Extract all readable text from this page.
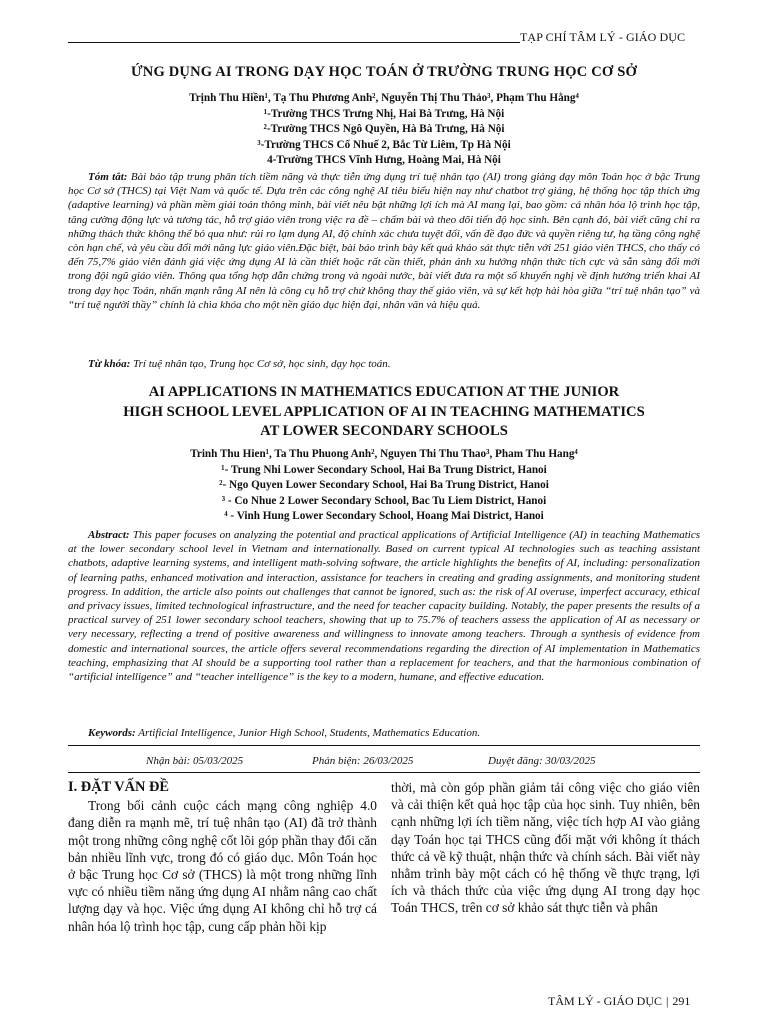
TẠP CHÍ TÂM LÝ - GIÁO DỤC
ỨNG DỤNG AI TRONG DẠY HỌC TOÁN Ở TRƯỜNG TRUNG HỌC CƠ SỞ
Trịnh Thu Hiền¹, Tạ Thu Phương Anh², Nguyễn Thị Thu Thảo³, Phạm Thu Hằng⁴
¹-Trường THCS Trưng Nhị, Hai Bà Trưng, Hà Nội
²-Trường THCS Ngô Quyền, Hà Bà Trưng, Hà Nội
³-Trường THCS Cổ Nhuế 2, Bắc Từ Liêm, Tp Hà Nội
4-Trường THCS Vĩnh Hưng, Hoàng Mai, Hà Nội
Tóm tắt: Bài báo tập trung phân tích tiềm năng và thực tiễn ứng dụng trí tuệ nhân tạo (AI) trong giảng dạy môn Toán học ở bậc Trung học Cơ sở (THCS) tại Việt Nam và quốc tế. Dựa trên các công nghệ AI tiêu biểu hiện nay như chatbot trợ giảng, hệ thống học tập thích ứng (adaptive learning) và phần mềm giải toán thông minh, bài viết nêu bật những lợi ích mà AI mang lại, bao gồm: cá nhân hóa lộ trình học tập, tăng cường động lực và tương tác, hỗ trợ giáo viên trong việc ra đề – chấm bài và theo dõi tiến độ học sinh. Bên cạnh đó, bài viết cũng chỉ ra những thách thức không thể bỏ qua như: rủi ro lạm dụng AI, độ chính xác chưa tuyệt đối, vấn đề đạo đức và quyền riêng tư, hạ tầng công nghệ còn hạn chế, và yêu cầu đổi mới năng lực giáo viên.Đặc biệt, bài báo trình bày kết quả khảo sát thực tiễn với 251 giáo viên THCS, cho thấy có đến 75,7% giáo viên đánh giá việc ứng dụng AI là cần thiết hoặc rất cần thiết, phản ánh xu hướng nhận thức tích cực và sẵn sàng đổi mới trong đội ngũ giáo viên. Thông qua tổng hợp dẫn chứng trong và ngoài nước, bài viết đưa ra một số khuyến nghị về định hướng triển khai AI trong dạy học Toán, nhấn mạnh rằng AI nên là công cụ hỗ trợ chứ không thay thế giáo viên, và sự kết hợp hài hòa giữa “trí tuệ nhân tạo” và “trí tuệ người thầy” chính là chìa khóa cho một nền giáo dục hiện đại, nhân văn và hiệu quả.
Từ khóa: Trí tuệ nhân tạo, Trung học Cơ sở, học sinh, dạy học toán.
AI APPLICATIONS IN MATHEMATICS EDUCATION AT THE JUNIOR
HIGH SCHOOL LEVEL APPLICATION OF AI IN TEACHING MATHEMATICS
AT LOWER SECONDARY SCHOOLS
Trinh Thu Hien¹, Ta Thu Phuong Anh², Nguyen Thi Thu Thao³, Pham Thu Hang⁴
¹- Trung Nhi Lower Secondary School, Hai Ba Trung District, Hanoi
²- Ngo Quyen Lower Secondary School, Hai Ba Trung District, Hanoi
³ - Co Nhue 2 Lower Secondary School, Bac Tu Liem District, Hanoi
⁴ - Vinh Hung Lower Secondary School, Hoang Mai District, Hanoi
Abstract: This paper focuses on analyzing the potential and practical applications of Artificial Intelligence (AI) in teaching Mathematics at the lower secondary school level in Vietnam and internationally. Based on current typical AI technologies such as teaching assistant chatbots, adaptive learning systems, and intelligent math-solving software, the article highlights the benefits of AI, including: personalization of learning paths, enhanced motivation and interaction, assistance for teachers in creating and grading assignments, and monitoring student progress. In addition, the article also points out challenges that cannot be ignored, such as: the risk of AI overuse, imperfect accuracy, ethical and privacy issues, limited technological infrastructure, and the need for teacher capacity building. Notably, the paper presents the results of a practical survey of 251 lower secondary school teachers, showing that up to 75.7% of teachers assess the application of AI as necessary or very necessary, reflecting a trend of positive awareness and willingness to innovate among teachers. Through a synthesis of evidence from domestic and international sources, the article offers several recommendations regarding the direction of AI implementation in Mathematics teaching, emphasizing that AI should be a supporting tool rather than a replacement for teachers, and that the harmonious combination of “artificial intelligence” and “teacher intelligence” is the key to a modern, humane, and effective education.
Keywords: Artificial Intelligence, Junior High School, Students, Mathematics Education.
Nhận bài: 05/03/2025	Phản biện: 26/03/2025	Duyệt đăng: 30/03/2025
I. ĐẶT VẤN ĐỀ

Trong bối cảnh cuộc cách mạng công nghiệp 4.0 đang diễn ra mạnh mẽ, trí tuệ nhân tạo (AI) đã trở thành một trong những công nghệ cốt lõi góp phần thay đổi căn bản nhiều lĩnh vực, trong đó có giáo dục. Môn Toán học ở bậc Trung học Cơ sở (THCS) là một trong những lĩnh vực có nhiều tiềm năng ứng dụng AI nhằm nâng cao chất lượng dạy và học. Việc ứng dụng AI không chỉ hỗ trợ cá nhân hóa lộ trình học tập, cung cấp phản hồi kịp

thời, mà còn góp phần giảm tải công việc cho giáo viên và cải thiện kết quả học tập của học sinh. Tuy nhiên, bên cạnh những lợi ích tiềm năng, việc tích hợp AI vào giảng dạy Toán học tại THCS cũng đối mặt với không ít thách thức cả về kỹ thuật, nhận thức và chính sách. Bài viết này nhằm trình bày một cách có hệ thống về thực trạng, lợi ích và thách thức của việc ứng dụng AI trong dạy học Toán THCS, trên cơ sở khảo sát thực tiễn và phân

TÂM LÝ - GIÁO DỤC | 291
